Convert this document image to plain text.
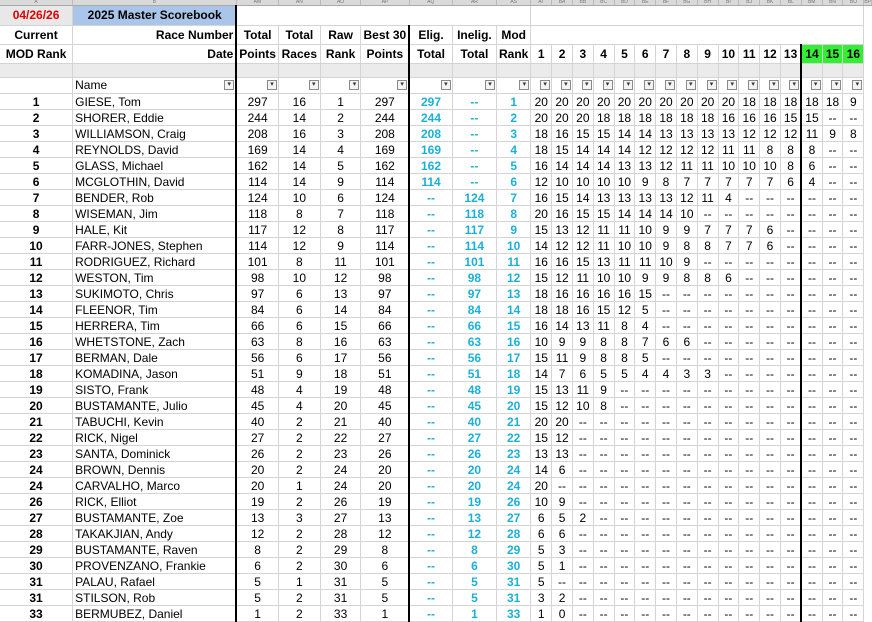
A	B	AM	AN	AO	AP	AQ	AR	AS	AT	BA	BB	BC	BD	BE	BF	BG	BH	BI	BJ	BK	BL	BM	BN	BO	BP
04/26/26	2025 Master Scorebook																								
Current	Race Number	Total	Total	Raw	Best 30	Elig.	Inelig.	Mod																	
MOD Rank	Date	Points	Races	Rank	Points	Total	Total	Rank	1	2	3	4	5	6	7	8	9	10	11	12	13	14	15	16	

	Name ▾	▾	▾	▾	▾	▾	▾	▾	▾	▾	▾	▾	▾	▾	▾	▾	▾	▾	▾	▾	▾	▾	▾	▾	

1	GIESE, Tom	297	16	1	297	297	--	1	20	20	20	20	20	20	20	20	20	20	18	18	18	18	18	9	
2	SHORER, Eddie	244	14	2	244	244	--	2	20	20	20	18	18	18	18	18	18	16	16	16	15	15	--	--	
3	WILLIAMSON, Craig	208	16	3	208	208	--	3	18	16	15	15	14	14	13	13	13	13	12	12	12	11	9	8	
4	REYNOLDS, David	169	14	4	169	169	--	4	18	15	14	14	14	12	12	12	12	11	11	8	8	8	--	--	
5	GLASS, Michael	162	14	5	162	162	--	5	16	14	14	14	13	13	12	11	11	10	10	10	8	6	--	--	
6	MCGLOTHIN, David	114	14	9	114	114	--	6	12	10	10	10	10	9	8	7	7	7	7	7	6	4	--	--	
7	BENDER, Rob	124	10	6	124	--	124	7	16	15	14	13	13	13	13	12	11	4	--	--	--	--	--	--	
8	WISEMAN, Jim	118	8	7	118	--	118	8	20	16	15	15	14	14	14	10	--	--	--	--	--	--	--	--	
9	HALE, Kit	117	12	8	117	--	117	9	15	13	12	11	11	10	9	9	7	7	7	6	--	--	--	--	
10	FARR-JONES, Stephen	114	12	9	114	--	114	10	14	12	12	11	10	10	9	8	8	7	7	6	--	--	--	--	
11	RODRIGUEZ, Richard	101	8	11	101	--	101	11	16	16	15	13	11	11	10	9	--	--	--	--	--	--	--	--	
12	WESTON, Tim	98	10	12	98	--	98	12	15	12	11	10	10	9	9	8	8	6	--	--	--	--	--	--	
13	SUKIMOTO, Chris	97	6	13	97	--	97	13	18	16	16	16	16	15	--	--	--	--	--	--	--	--	--	--	
14	FLEENOR, Tim	84	6	14	84	--	84	14	18	18	16	15	12	5	--	--	--	--	--	--	--	--	--	--	
15	HERRERA, Tim	66	6	15	66	--	66	15	16	14	13	11	8	4	--	--	--	--	--	--	--	--	--	--	
16	WHETSTONE, Zach	63	8	16	63	--	63	16	10	9	9	8	8	7	6	6	--	--	--	--	--	--	--	--	
17	BERMAN, Dale	56	6	17	56	--	56	17	15	11	9	8	8	5	--	--	--	--	--	--	--	--	--	--	
18	KOMADINA, Jason	51	9	18	51	--	51	18	14	7	6	5	5	4	4	3	3	--	--	--	--	--	--	--	
19	SISTO, Frank	48	4	19	48	--	48	19	15	13	11	9	--	--	--	--	--	--	--	--	--	--	--	--	
20	BUSTAMANTE, Julio	45	4	20	45	--	45	20	15	12	10	8	--	--	--	--	--	--	--	--	--	--	--	--	
21	TABUCHI, Kevin	40	2	21	40	--	40	21	20	20	--	--	--	--	--	--	--	--	--	--	--	--	--	--	
22	RICK, Nigel	27	2	22	27	--	27	22	15	12	--	--	--	--	--	--	--	--	--	--	--	--	--	--	
23	SANTA, Dominick	26	2	23	26	--	26	23	13	13	--	--	--	--	--	--	--	--	--	--	--	--	--	--	
24	BROWN, Dennis	20	2	24	20	--	20	24	14	6	--	--	--	--	--	--	--	--	--	--	--	--	--	--	
24	CARVALHO, Marco	20	1	24	20	--	20	24	20	--	--	--	--	--	--	--	--	--	--	--	--	--	--	--	
26	RICK, Elliot	19	2	26	19	--	19	26	10	9	--	--	--	--	--	--	--	--	--	--	--	--	--	--	
27	BUSTAMANTE, Zoe	13	3	27	13	--	13	27	6	5	2	--	--	--	--	--	--	--	--	--	--	--	--	--	
28	TAKAKJIAN, Andy	12	2	28	12	--	12	28	6	6	--	--	--	--	--	--	--	--	--	--	--	--	--	--	
29	BUSTAMANTE, Raven	8	2	29	8	--	8	29	5	3	--	--	--	--	--	--	--	--	--	--	--	--	--	--	
30	PROVENZANO, Frankie	6	2	30	6	--	6	30	5	1	--	--	--	--	--	--	--	--	--	--	--	--	--	--	
31	PALAU, Rafael	5	1	31	5	--	5	31	5	--	--	--	--	--	--	--	--	--	--	--	--	--	--	--	
31	STILSON, Rob	5	2	31	5	--	5	31	3	2	--	--	--	--	--	--	--	--	--	--	--	--	--	--	
33	BERMUBEZ, Daniel	1	2	33	1	--	1	33	1	0	--	--	--	--	--	--	--	--	--	--	--	--	--	--	
